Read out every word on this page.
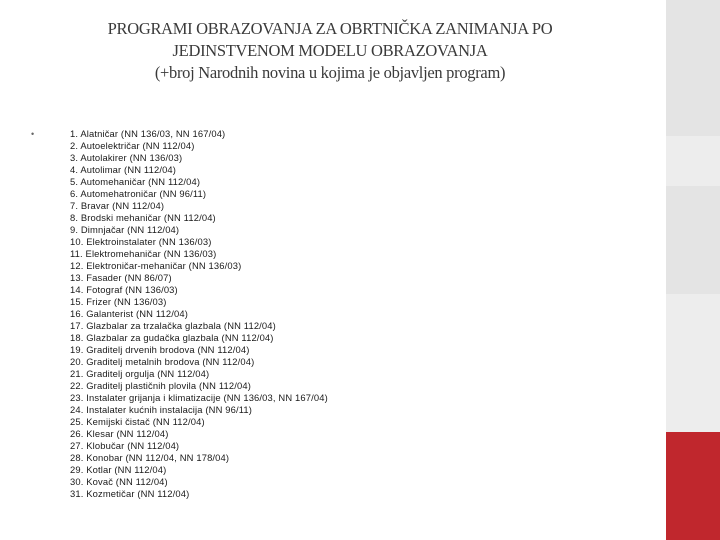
PROGRAMI OBRAZOVANJA ZA OBRTNIČKA ZANIMANJA PO
JEDINSTVENOM MODELU OBRAZOVANJA
(+broj Narodnih novina u kojima je objavljen program)
•	1. Alatničar (NN 136/03, NN 167/04)
2. Autoelektričar (NN 112/04)
3. Autolakirer (NN 136/03)
4. Autolimar (NN 112/04)
5. Automehaničar (NN 112/04)
6. Automehatroničar (NN 96/11)
7. Bravar (NN 112/04)
8. Brodski mehaničar (NN 112/04)
9. Dimnjačar (NN 112/04)
10. Elektroinstalater (NN 136/03)
11. Elektromehaničar (NN 136/03)
12. Elektroničar-mehaničar (NN 136/03)
13. Fasader (NN 86/07)
14. Fotograf (NN 136/03)
15. Frizer (NN 136/03)
16. Galanterist (NN 112/04)
17. Glazbalar za trzalačka glazbala (NN 112/04)
18. Glazbalar za gudačka glazbala (NN 112/04)
19. Graditelj drvenih brodova (NN 112/04)
20. Graditelj metalnih brodova (NN 112/04)
21. Graditelj orgulja (NN 112/04)
22. Graditelj plastičnih plovila (NN 112/04)
23. Instalater grijanja i klimatizacije (NN 136/03, NN 167/04)
24. Instalater kućnih instalacija (NN 96/11)
25. Kemijski čistač (NN 112/04)
26. Klesar (NN 112/04)
27. Klobučar (NN 112/04)
28. Konobar (NN 112/04, NN 178/04)
29. Kotlar (NN 112/04)
30. Kovač (NN 112/04)
31. Kozmetičar (NN 112/04)
